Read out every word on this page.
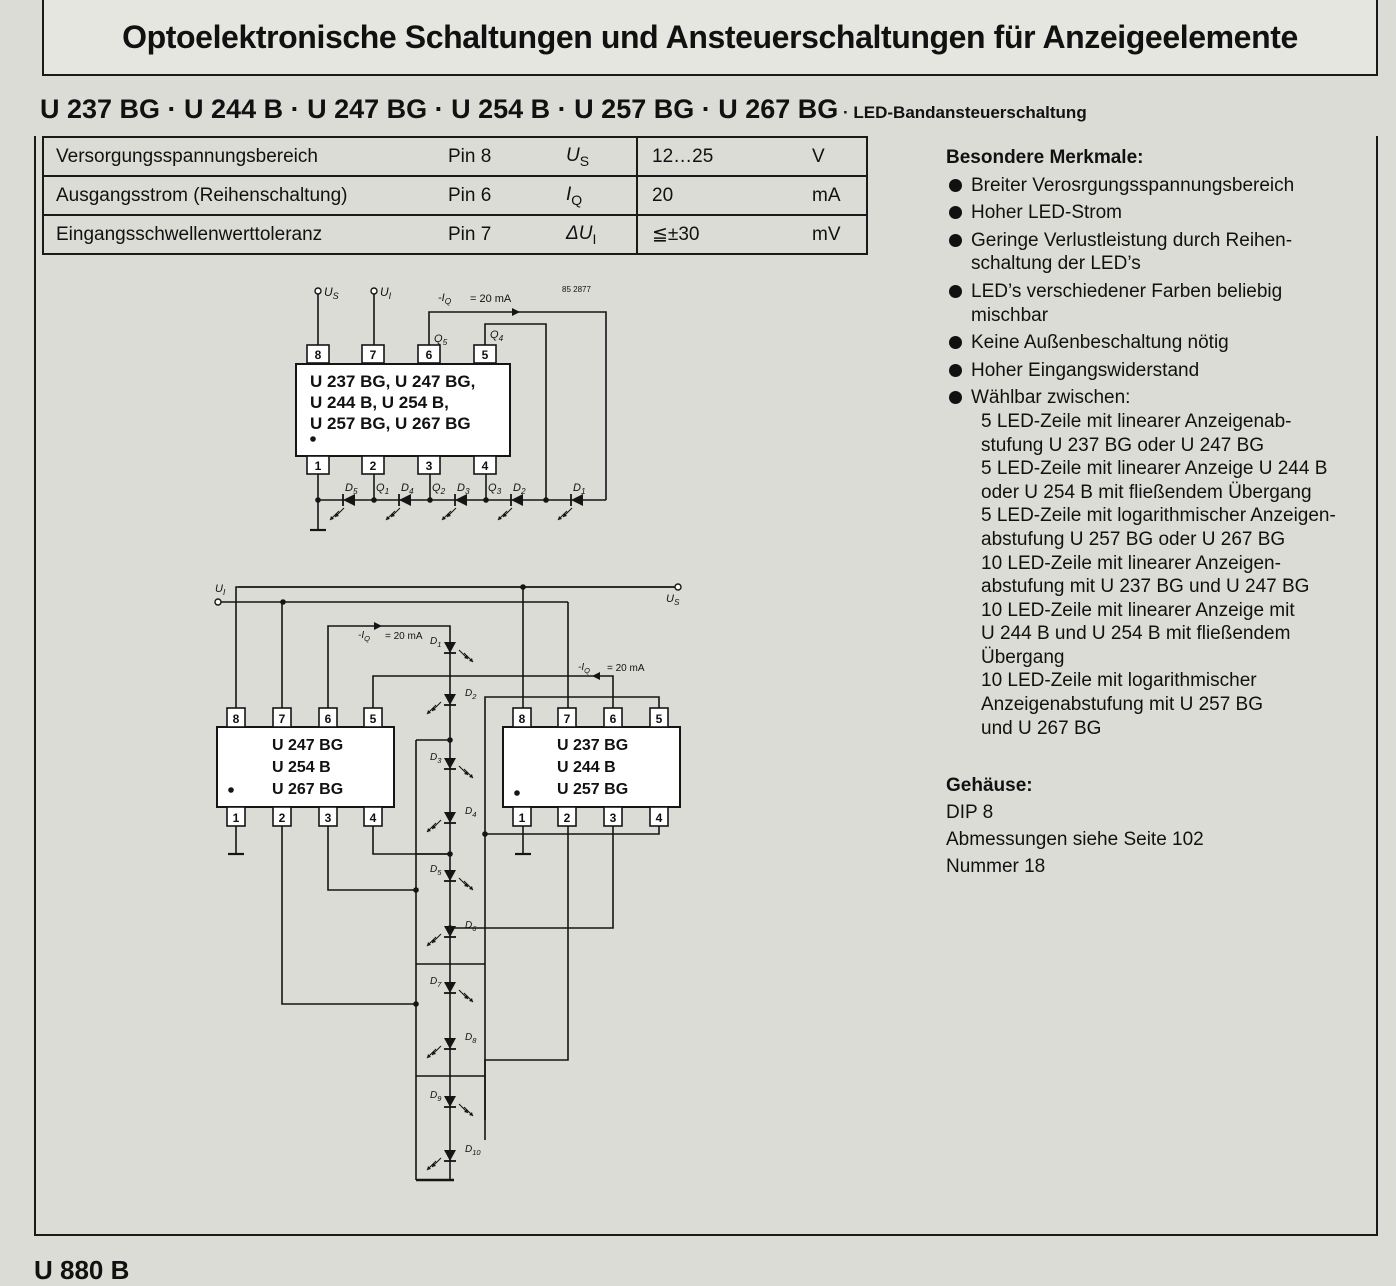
Optoelektronische Schaltungen und Ansteuerschaltungen für Anzeigeelemente
U 237 BG · U 244 B · U 247 BG · U 254 B · U 257 BG · U 267 BG · LED-Bandansteuerschaltung
Versorgungsspannungsbereich	Pin 8	$U_S$	12…25	V
Ausgangsstrom (Reihenschaltung)	Pin 6	$I_Q$	20	mA
Eingangsschwellenwerttoleranz	Pin 7	$\Delta U_I$	≦±30	mV
Besondere Merkmale:
Breiter Verosrgungsspannungsbereich
Hoher LED-Strom
Geringe Verlustleistung durch Reihen-
schaltung der LED’s
LED’s verschiedener Farben beliebig
mischbar
Keine Außenbeschaltung nötig
Hoher Eingangswiderstand
Wählbar zwischen:
5 LED-Zeile mit linearer Anzeigenab-
stufung U 237 BG oder U 247 BG
5 LED-Zeile mit linearer Anzeige U 244 B
oder U 254 B mit fließendem Übergang
5 LED-Zeile mit logarithmischer Anzeigen-
abstufung U 257 BG oder U 267 BG
10 LED-Zeile mit linearer Anzeigen-
abstufung mit U 237 BG und U 247 BG
10 LED-Zeile mit linearer Anzeige mit
U 244 B und U 254 B mit fließendem
Übergang
10 LED-Zeile mit logarithmischer
Anzeigenabstufung mit U 257 BG
und U 267 BG
Gehäuse:
DIP 8
Abmessungen siehe Seite 102
Nummer 18
U 880 B
85 2877
$U_S$	$U_I$	$-I_Q = 20$ mA
U 237 BG, U 247 BG,
U 244 B, U 254 B,
U 257 BG, U 267 BG
8
1
7
2
6
3
5
4
$Q_5$
$Q_4$
$D_5$	$D_4$	$D_3$	$D_2$	$D_1$
$Q_1$	$Q_2$	$Q_3$
$U_I$
$U_S$
U 247 BG
U 254 B
U 267 BG
8
1
7
2
6
3
5
4
U 237 BG
U 244 B
U 257 BG
8
1
7
2
6
3
5
4
$-I_Q = 20$ mA
$-I_Q = 20$ mA
$D_1$
$D_2$
$D_3$
$D_4$
$D_5$
$D_6$
$D_7$
$D_8$
$D_9$
$D_{10}$
